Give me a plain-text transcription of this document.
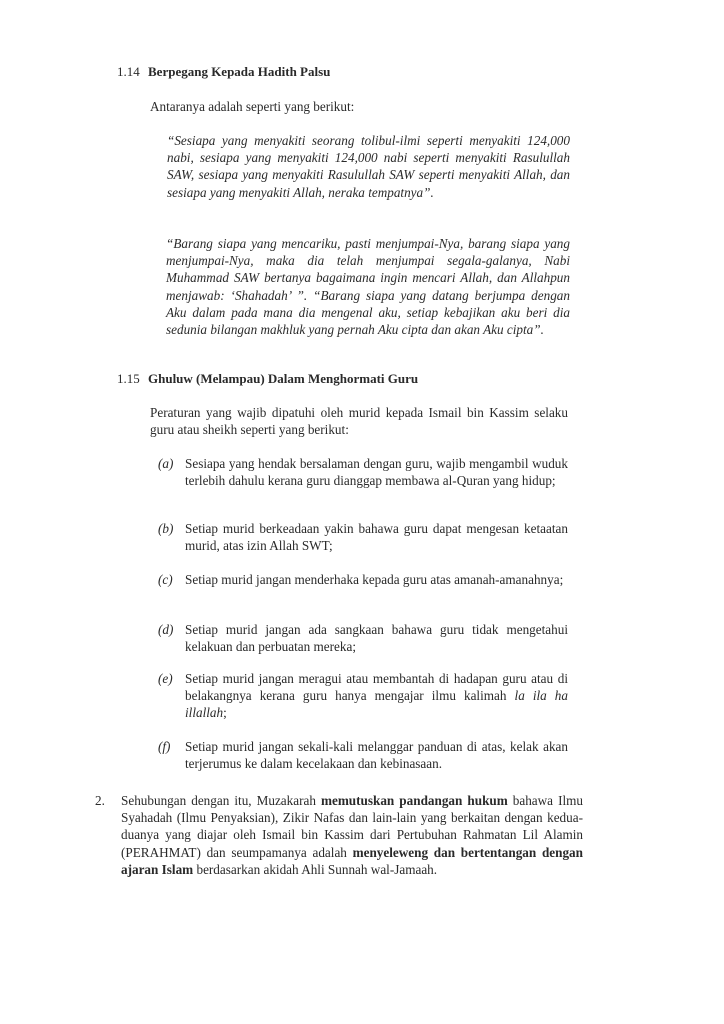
1.14 Berpegang Kepada Hadith Palsu
Antaranya adalah seperti yang berikut:
“Sesiapa yang menyakiti seorang tolibul-ilmi seperti menyakiti 124,000 nabi, sesiapa yang menyakiti 124,000 nabi seperti menyakiti Rasulullah SAW, sesiapa yang menyakiti Rasulullah SAW seperti menyakiti Allah, dan sesiapa yang menyakiti Allah, neraka tempatnya”.
“Barang siapa yang mencariku, pasti menjumpai-Nya, barang siapa yang menjumpai-Nya, maka dia telah menjumpai segala-galanya, Nabi Muhammad SAW bertanya bagaimana ingin mencari Allah, dan Allahpun menjawab: ‘Shahadah’ ”. “Barang siapa yang datang berjumpa dengan Aku dalam pada mana dia mengenal aku, setiap kebajikan aku beri dia sedunia bilangan makhluk yang pernah Aku cipta dan akan Aku cipta”.
1.15 Ghuluw (Melampau) Dalam Menghormati Guru
Peraturan yang wajib dipatuhi oleh murid kepada Ismail bin Kassim selaku guru atau sheikh seperti yang berikut:
(a) Sesiapa yang hendak bersalaman dengan guru, wajib mengambil wuduk terlebih dahulu kerana guru dianggap membawa al-Quran yang hidup;
(b) Setiap murid berkeadaan yakin bahawa guru dapat mengesan ketaatan murid, atas izin Allah SWT;
(c) Setiap murid jangan menderhaka kepada guru atas amanah-amanahnya;
(d) Setiap murid jangan ada sangkaan bahawa guru tidak mengetahui kelakuan dan perbuatan mereka;
(e) Setiap murid jangan meragui atau membantah di hadapan guru atau di belakangnya kerana guru hanya mengajar ilmu kalimah la ila ha illallah;
(f)	Setiap murid jangan sekali-kali melanggar panduan di atas, kelak akan terjerumus ke dalam kecelakaan dan kebinasaan.
2. Sehubungan dengan itu, Muzakarah memutuskan pandangan hukum bahawa Ilmu Syahadah (Ilmu Penyaksian), Zikir Nafas dan lain-lain yang berkaitan dengan kedua-duanya yang diajar oleh Ismail bin Kassim dari Pertubuhan Rahmatan Lil Alamin (PERAHMAT) dan seumpamanya adalah menyeleweng dan bertentangan dengan ajaran Islam berdasarkan akidah Ahli Sunnah wal-Jamaah.
